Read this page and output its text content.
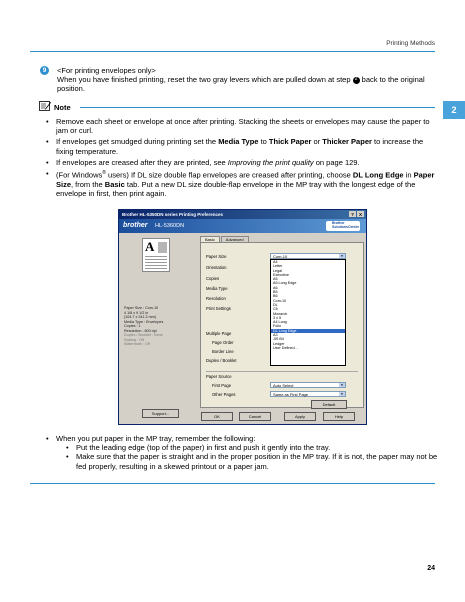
Printing Methods
2
9	<For printing envelopes only>
When you have finished printing, reset the two gray levers which are pulled down at step 2 back to the original position.
Note
• Remove each sheet or envelope at once after printing. Stacking the sheets or envelopes may cause the paper to jam or curl.
• If envelopes get smudged during printing set the Media Type to Thick Paper or Thicker Paper to increase the fixing temperature.
• If envelopes are creased after they are printed, see Improving the print quality on page 129.
• (For Windows® users) If DL size double flap envelopes are creased after printing, choose DL Long Edge in Paper Size, from the Basic tab. Put a new DL size double-flap envelope in the MP tray with the longest edge of the envelope in first, then print again.
Brother HL-5350DN series Printing Preferences	?	X
brother HL-5360DN	Brother SolutionsCenter
A
Paper Size : Com-10
4 1/8 x 9 1/2 in
(104.7 x 241.3 mm)
Media Type : Envelopes
Copies : 1
Resolution : 600 dpi
Duplex / Booklet : None
Scaling : Off
Watermark : Off
Support...
Basic	Advanced
Paper Size	Com-10	▼
A4
Letter
Legal
Executive
A5
A5 Long Edge
A6
B5
B6
Com-10
DL
C5
Monarch
3 x 5
A4 Long
Folio
DL Long Edge
A3
JIS B4
Ledger
User Defined...
Orientation
Copies
Media Type
Resolution
Print Settings
Multiple Page
Page Order
Border Line
Duplex / Booklet
Paper Source
First Page	Auto Select	▼
Other Pages	Same as First Page	▼
Default
OK	Cancel	Apply	Help
• When you put paper in the MP tray, remember the following:
• Put the leading edge (top of the paper) in first and push it gently into the tray.
• Make sure that the paper is straight and in the proper position in the MP tray. If it is not, the paper may not be fed properly, resulting in a skewed printout or a paper jam.
24
